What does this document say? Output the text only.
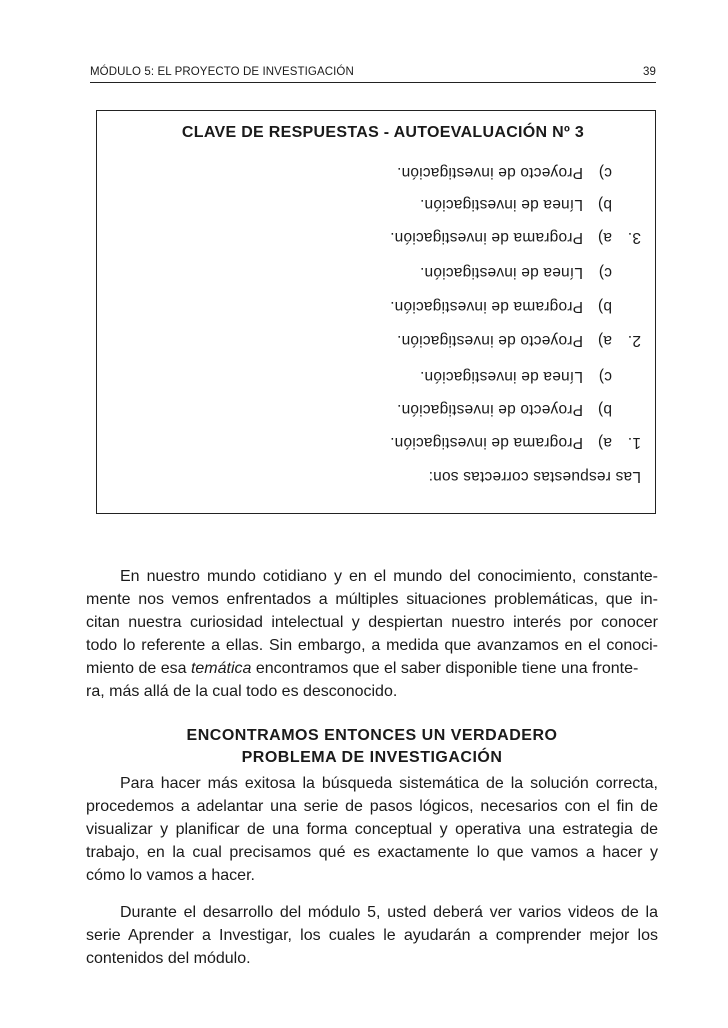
MÓDULO 5: EL PROYECTO DE INVESTIGACIÓN	39
CLAVE DE RESPUESTAS - AUTOEVALUACIÓN Nº 3
Las respuestas correctas son:
1.
a)
Programa de investigación.
b)
Proyecto de investigación.
c)
Línea de investigación.
2.
a)
Proyecto de investigación.
b)
Programa de investigación.
c)
Línea de investigación.
3.
a)
Programa de investigación.
b)
Línea de investigación.
c)
Proyecto de investigación.
En nuestro mundo cotidiano y en el mundo del conocimiento, constante-
mente nos vemos enfrentados a múltiples situaciones problemáticas, que in-
citan nuestra curiosidad intelectual y despiertan nuestro interés por conocer
todo lo referente a ellas. Sin embargo, a medida que avanzamos en el conoci-
miento de esa temática encontramos que el saber disponible tiene una fronte-
ra, más allá de la cual todo es desconocido.
ENCONTRAMOS ENTONCES UN VERDADERO
PROBLEMA DE INVESTIGACIÓN
Para hacer más exitosa la búsqueda sistemática de la solución correcta,
procedemos a adelantar una serie de pasos lógicos, necesarios con el fin de
visualizar y planificar de una forma conceptual y operativa una estrategia de
trabajo, en la cual precisamos qué es exactamente lo que vamos a hacer y
cómo lo vamos a hacer.
Durante el desarrollo del módulo 5, usted deberá ver varios videos de la
serie Aprender a Investigar, los cuales le ayudarán a comprender mejor los
contenidos del módulo.
